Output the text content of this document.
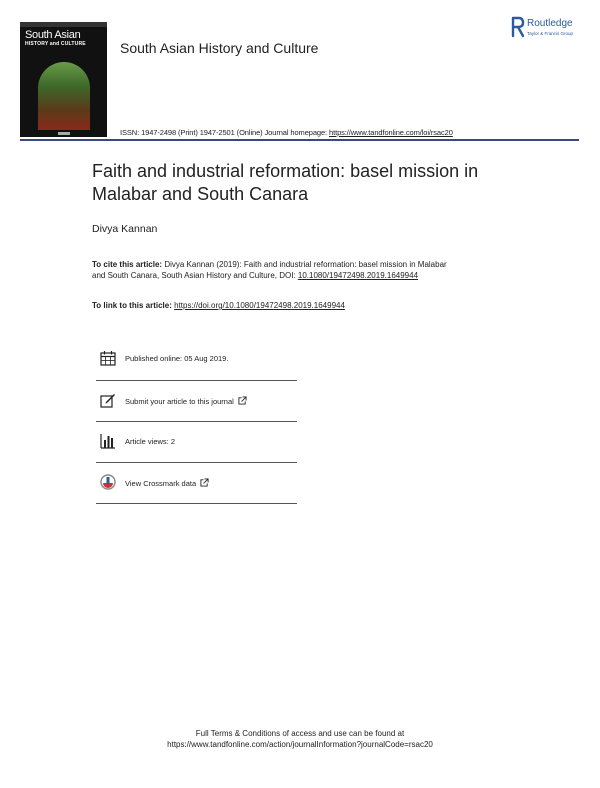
South Asian
HISTORY and CULTURE	South Asian History and Culture
ISSN: 1947-2498 (Print) 1947-2501 (Online) Journal homepage: https://www.tandfonline.com/loi/rsac20
Routledge
Taylor & Francis Group
Faith and industrial reformation: basel mission in Malabar and South Canara
Divya Kannan
To cite this article: Divya Kannan (2019): Faith and industrial reformation: basel mission in Malabar and South Canara, South Asian History and Culture, DOI: 10.1080/19472498.2019.1649944
To link to this article: https://doi.org/10.1080/19472498.2019.1649944
Published online: 05 Aug 2019.
Submit your article to this journal
Article views: 2
View Crossmark data
Full Terms & Conditions of access and use can be found at
https://www.tandfonline.com/action/journalInformation?journalCode=rsac20
